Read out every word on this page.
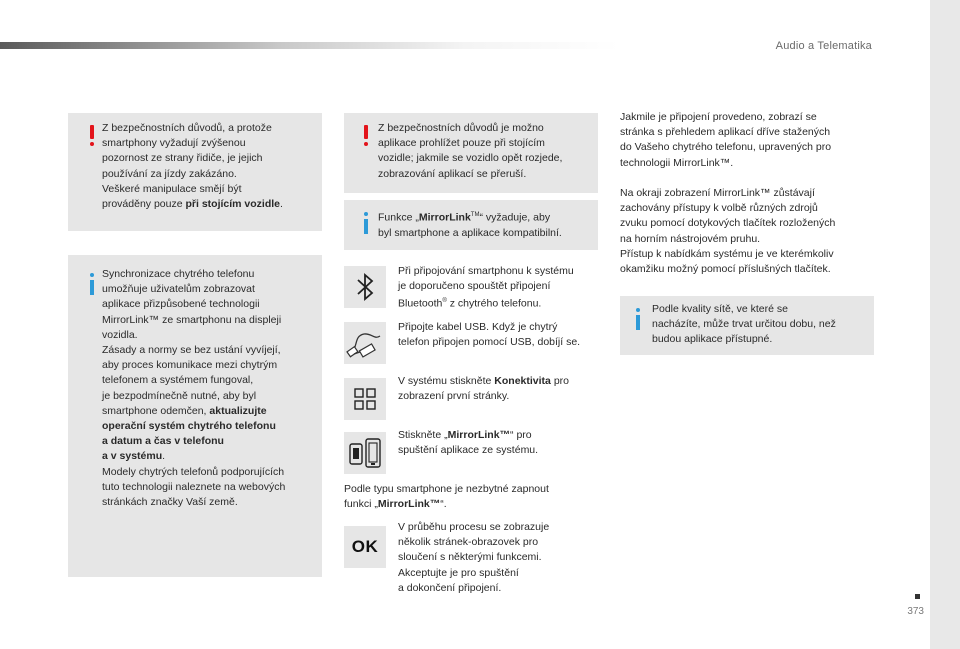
Audio a Telematika
Z bezpečnostních důvodů, a protože
smartphony vyžadují zvýšenou
pozornost ze strany řidiče, je jejich
používání za jízdy zakázáno.
Veškeré manipulace smějí být
prováděny pouze při stojícím vozidle.
Synchronizace chytrého telefonu
umožňuje uživatelům zobrazovat
aplikace přizpůsobené technologii
MirrorLink™ ze smartphonu na displeji
vozidla.
Zásady a normy se bez ustání vyvíjejí,
aby proces komunikace mezi chytrým
telefonem a systémem fungoval,
je bezpodmínečně nutné, aby byl
smartphone odemčen, aktualizujte
operační systém chytrého telefonu
a datum a čas v telefonu
a v systému.
Modely chytrých telefonů podporujících
tuto technologii naleznete na webových
stránkách značky Vaší země.
Z bezpečnostních důvodů je možno
aplikace prohlížet pouze při stojícím
vozidle; jakmile se vozidlo opět rozjede,
zobrazování aplikací se přeruší.
Funkce „MirrorLink™“ vyžaduje, aby
byl smartphone a aplikace kompatibilní.
Při připojování smartphonu k systému
je doporučeno spouštět připojení
Bluetooth® z chytrého telefonu.
Připojte kabel USB. Když je chytrý
telefon připojen pomocí USB, dobíjí se.
V systému stiskněte Konektivita pro
zobrazení první stránky.
Stiskněte „MirrorLink™“ pro
spuštění aplikace ze systému.
Podle typu smartphone je nezbytné zapnout
funkci „MirrorLink™“.
OK
V průběhu procesu se zobrazuje
několik stránek-obrazovek pro
sloučení s některými funkcemi.
Akceptujte je pro spuštění
a dokončení připojení.
Jakmile je připojení provedeno, zobrazí se
stránka s přehledem aplikací dříve stažených
do Vašeho chytrého telefonu, upravených pro
technologii MirrorLink™.
Na okraji zobrazení MirrorLink™ zůstávají
zachovány přístupy k volbě různých zdrojů
zvuku pomocí dotykových tlačítek rozložených
na horním nástrojovém pruhu.
Přístup k nabídkám systému je ve kterémkoliv
okamžiku možný pomocí příslušných tlačítek.
Podle kvality sítě, ve které se
nacházíte, může trvat určitou dobu, než
budou aplikace přístupné.
373
